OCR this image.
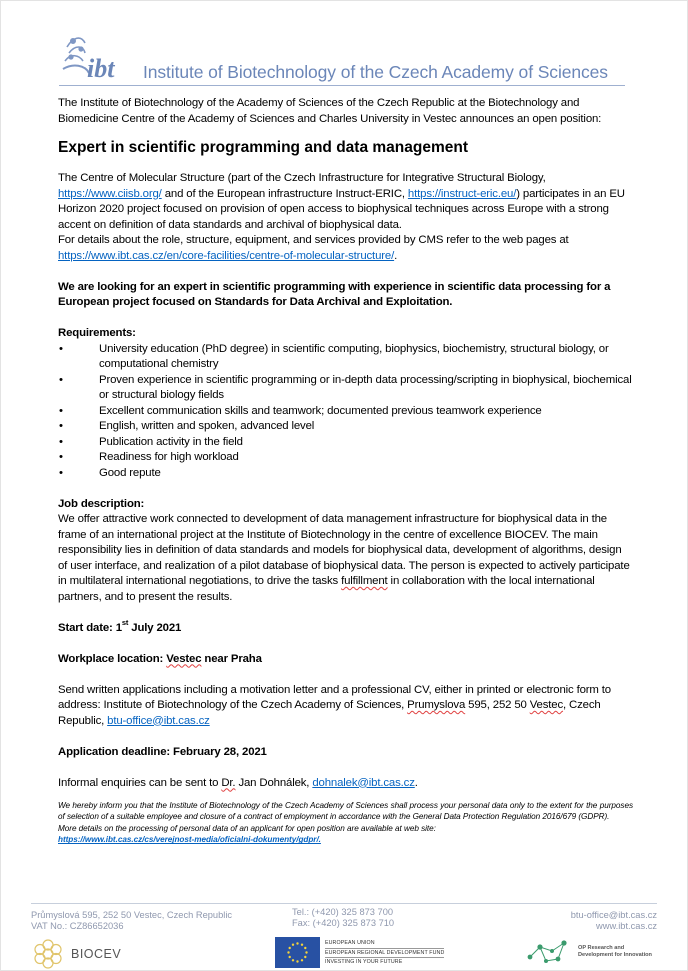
ibt Institute of Biotechnology of the Czech Academy of Sciences

The Institute of Biotechnology of the Academy of Sciences of the Czech Republic at the Biotechnology and Biomedicine Centre of the Academy of Sciences and Charles University in Vestec announces an open position:

Expert in scientific programming and data management

The Centre of Molecular Structure (part of the Czech Infrastructure for Integrative Structural Biology,
https://www.ciisb.org/ and of the European infrastructure Instruct-ERIC, https://instruct-eric.eu/) participates in an EU Horizon 2020 project focused on provision of open access to biophysical techniques across Europe with a strong accent on definition of data standards and archival of biophysical data.

For details about the role, structure, equipment, and services provided by CMS refer to the web pages at
https://www.ibt.cas.cz/en/core-facilities/centre-of-molecular-structure/.

We are looking for an expert in scientific programming with experience in scientific data processing for a European project focused on Standards for Data Archival and Exploitation.

Requirements:

•	University education (PhD degree) in scientific computing, biophysics, biochemistry, structural biology, or computational chemistry
•	Proven experience in scientific programming or in-depth data processing/scripting in biophysical, biochemical or structural biology fields
•	Excellent communication skills and teamwork; documented previous teamwork experience
•	English, written and spoken, advanced level
•	Publication activity in the field
•	Readiness for high workload
•	Good repute

Job description:

We offer attractive work connected to development of data management infrastructure for biophysical data in the frame of an international project at the Institute of Biotechnology in the centre of excellence BIOCEV. The main responsibility lies in definition of data standards and models for biophysical data, development of algorithms, design of user interface, and realization of a pilot database of biophysical data. The person is expected to actively participate in multilateral international negotiations, to drive the tasks fulfillment in collaboration with the local international partners, and to present the results.

Start date: 1st July 2021

Workplace location: Vestec near Praha

Send written applications including a motivation letter and a professional CV, either in printed or electronic form to address: Institute of Biotechnology of the Czech Academy of Sciences, Prumyslova 595, 252 50 Vestec, Czech Republic, btu-office@ibt.cas.cz

Application deadline: February 28, 2021

Informal enquiries can be sent to Dr. Jan Dohnálek, dohnalek@ibt.cas.cz.

We hereby inform you that the Institute of Biotechnology of the Czech Academy of Sciences shall process your personal data only to the extent for the purposes of selection of a suitable employee and closure of a contract of employment in accordance with the General Data Protection Regulation 2016/679 (GDPR).

More details on the processing of personal data of an applicant for open position are available at web site:
https://www.ibt.cas.cz/cs/verejnost-media/oficialni-dokumenty/gdpr/.

Průmyslová 595, 252 50 Vestec, Czech Republic
VAT No.: CZ86652036
Tel.: (+420) 325 873 700
Fax: (+420) 325 873 710
btu-office@ibt.cas.cz
www.ibt.cas.cz
BIOCEV
EUROPEAN UNION
EUROPEAN REGIONAL DEVELOPMENT FUND
INVESTING IN YOUR FUTURE
OP Research and
Development for Innovation
